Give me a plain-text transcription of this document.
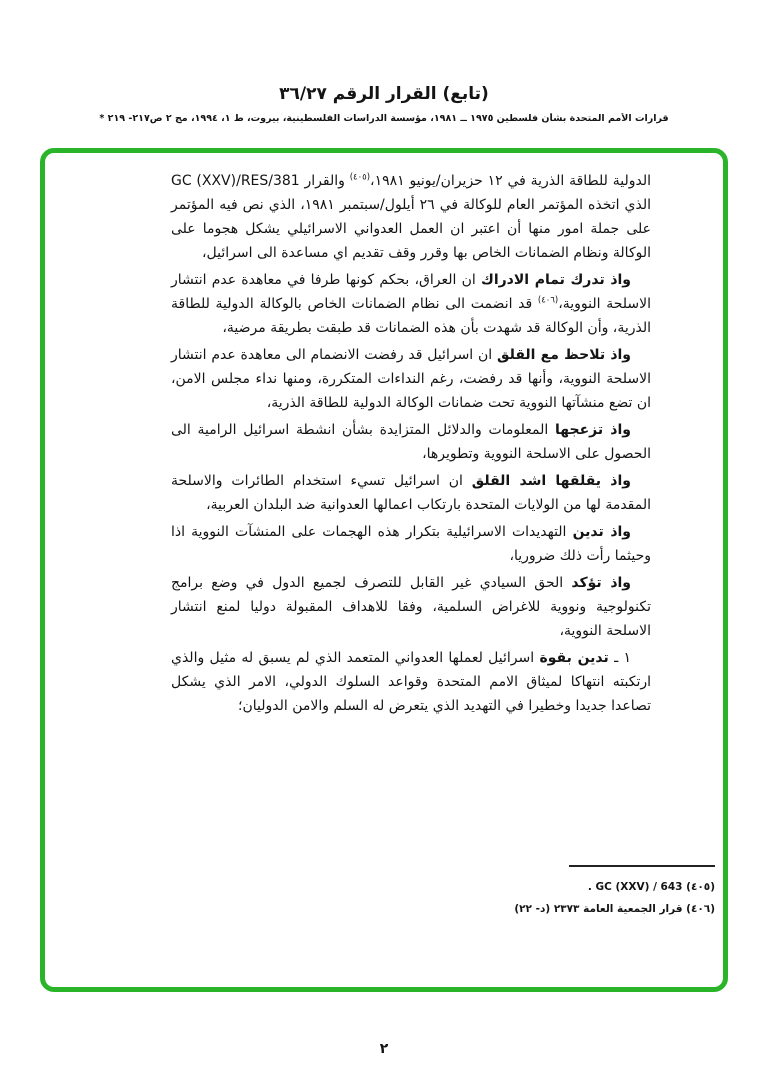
(تابع) القرار الرقم ٣٦/٢٧
قرارات الأمم المتحدة بشأن فلسطين ١٩٧٥ ــ ١٩٨١، مؤسسة الدراسات الفلسطينية، بيروت، ط ١، ١٩٩٤، مج ٢ ص٢١٧- ٢١٩ *

الدولية للطاقة الذرية في ١٢ حزيران/يونيو ١٩٨١،$^{(٤٠٥)}$ والقرار GC (XXV)/RES/381 الذي اتخذه المؤتمر العام للوكالة في ٢٦ أيلول/سبتمبر ١٩٨١، الذي نص فيه المؤتمر على جملة امور منها أن اعتبر ان العمل العدواني الاسرائيلي يشكل هجوما على الوكالة ونظام الضمانات الخاص بها وقرر وقف تقديم اي مساعدة الى اسرائيل،

واذ تدرك تمام الادراك ان العراق، بحكم كونها طرفا في معاهدة عدم انتشار الاسلحة النووية،$^{(٤٠٦)}$ قد انضمت الى نظام الضمانات الخاص بالوكالة الدولية للطاقة الذرية، وأن الوكالة قد شهدت بأن هذه الضمانات قد طبقت بطريقة مرضية،

واذ تلاحظ مع القلق ان اسرائيل قد رفضت الانضمام الى معاهدة عدم انتشار الاسلحة النووية، وأنها قد رفضت، رغم النداءات المتكررة، ومنها نداء مجلس الامن، ان تضع منشآتها النووية تحت ضمانات الوكالة الدولية للطاقة الذرية،

واذ تزعجها المعلومات والدلائل المتزايدة بشأن انشطة اسرائيل الرامية الى الحصول على الاسلحة النووية وتطويرها،

واذ يقلقها اشد القلق ان اسرائيل تسيء استخدام الطائرات والاسلحة المقدمة لها من الولايات المتحدة بارتكاب اعمالها العدوانية ضد البلدان العربية،

واذ تدين التهديدات الاسرائيلية بتكرار هذه الهجمات على المنشآت النووية اذا وحيثما رأت ذلك ضروريا،

واذ تؤكد الحق السيادي غير القابل للتصرف لجميع الدول في وضع برامج تكنولوجية ونووية للاغراض السلمية، وفقا للاهداف المقبولة دوليا لمنع انتشار الاسلحة النووية،

١ ـ تدين بقوة اسرائيل لعملها العدواني المتعمد الذي لم يسبق له مثيل والذي ارتكبته انتهاكا لميثاق الامم المتحدة وقواعد السلوك الدولي، الامر الذي يشكل تصاعدا جديدا وخطيرا في التهديد الذي يتعرض له السلم والامن الدوليان؛

(٤٠٥) GC (XXV) / 643 .
(٤٠٦) قرار الجمعية العامة ٢٣٧٣ (د- ٢٢)
٢
